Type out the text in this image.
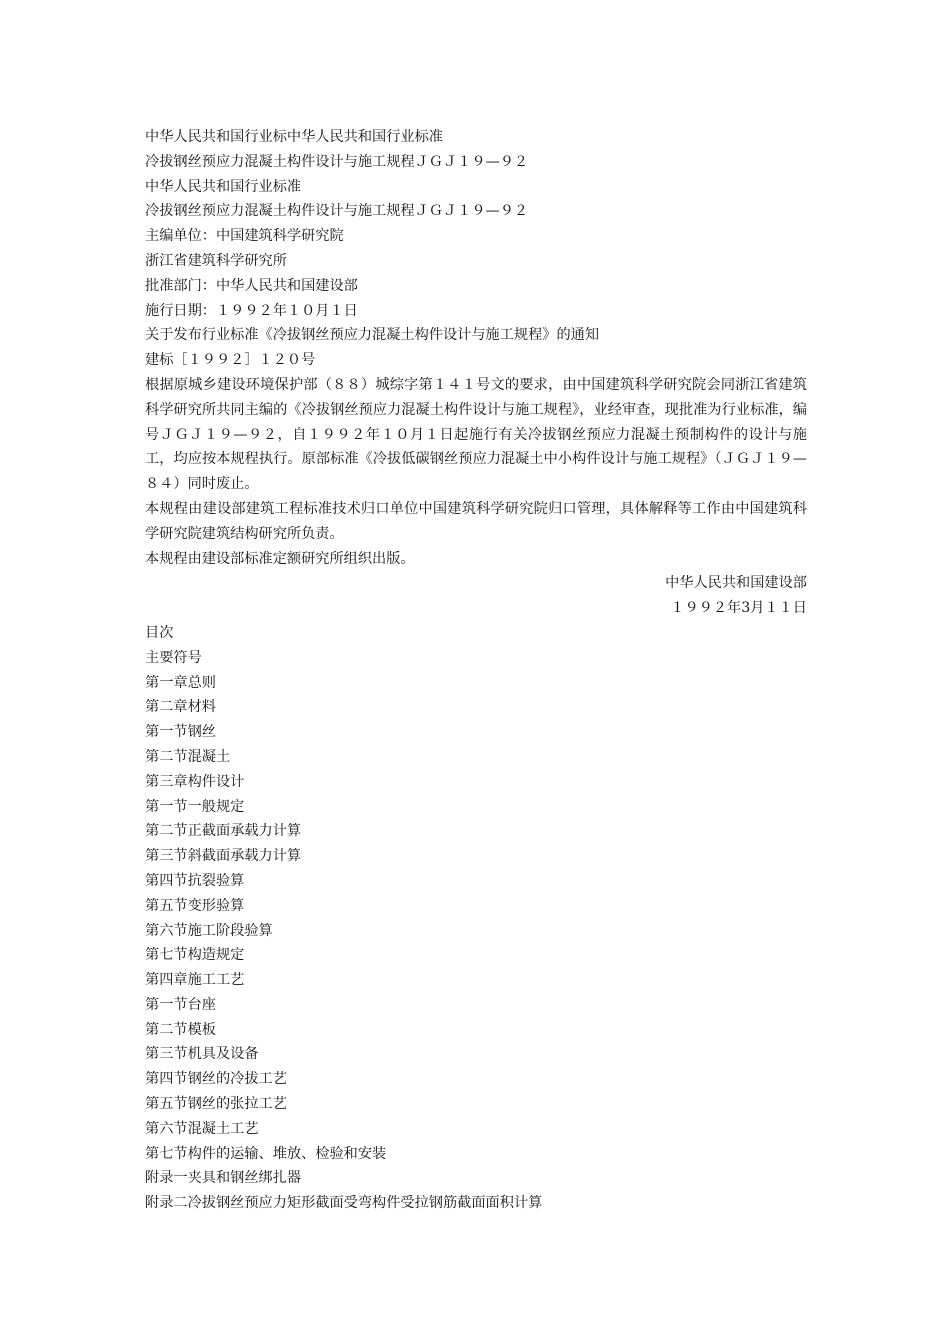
中华人民共和国行业标中华人民共和国行业标准
冷拔钢丝预应力混凝土构件设计与施工规程ＪＧＪ１９—９２
中华人民共和国行业标准
冷拔钢丝预应力混凝土构件设计与施工规程ＪＧＪ１９—９２
主编单位：中国建筑科学研究院
浙江省建筑科学研究所
批准部门：中华人民共和国建设部
施行日期：１９９２年１０月１日
关于发布行业标准《冷拔钢丝预应力混凝土构件设计与施工规程》的通知
建标［１９９２］１２０号
根据原城乡建设环境保护部（８８）城综字第１４１号文的要求，由中国建筑科学研究院会同浙江省建筑科学研究所共同主编的《冷拔钢丝预应力混凝土构件设计与施工规程》，业经审查，现批准为行业标准，编号ＪＧＪ１９—９２，自１９９２年１０月１日起施行有关冷拔钢丝预应力混凝土预制构件的设计与施工，均应按本规程执行。原部标准《冷拔低碳钢丝预应力混凝土中小构件设计与施工规程》（ＪＧＪ１９—８４）同时废止。
本规程由建设部建筑工程标准技术归口单位中国建筑科学研究院归口管理，具体解释等工作由中国建筑科学研究院建筑结构研究所负责。
本规程由建设部标准定额研究所组织出版。
中华人民共和国建设部
１９９２年3月１１日
目次
主要符号
第一章总则
第二章材料
第一节钢丝
第二节混凝土
第三章构件设计
第一节一般规定
第二节正截面承载力计算
第三节斜截面承载力计算
第四节抗裂验算
第五节变形验算
第六节施工阶段验算
第七节构造规定
第四章施工工艺
第一节台座
第二节模板
第三节机具及设备
第四节钢丝的冷拔工艺
第五节钢丝的张拉工艺
第六节混凝土工艺
第七节构件的运输、堆放、检验和安装
附录一夹具和钢丝绑扎器
附录二冷拔钢丝预应力矩形截面受弯构件受拉钢筋截面面积计算
